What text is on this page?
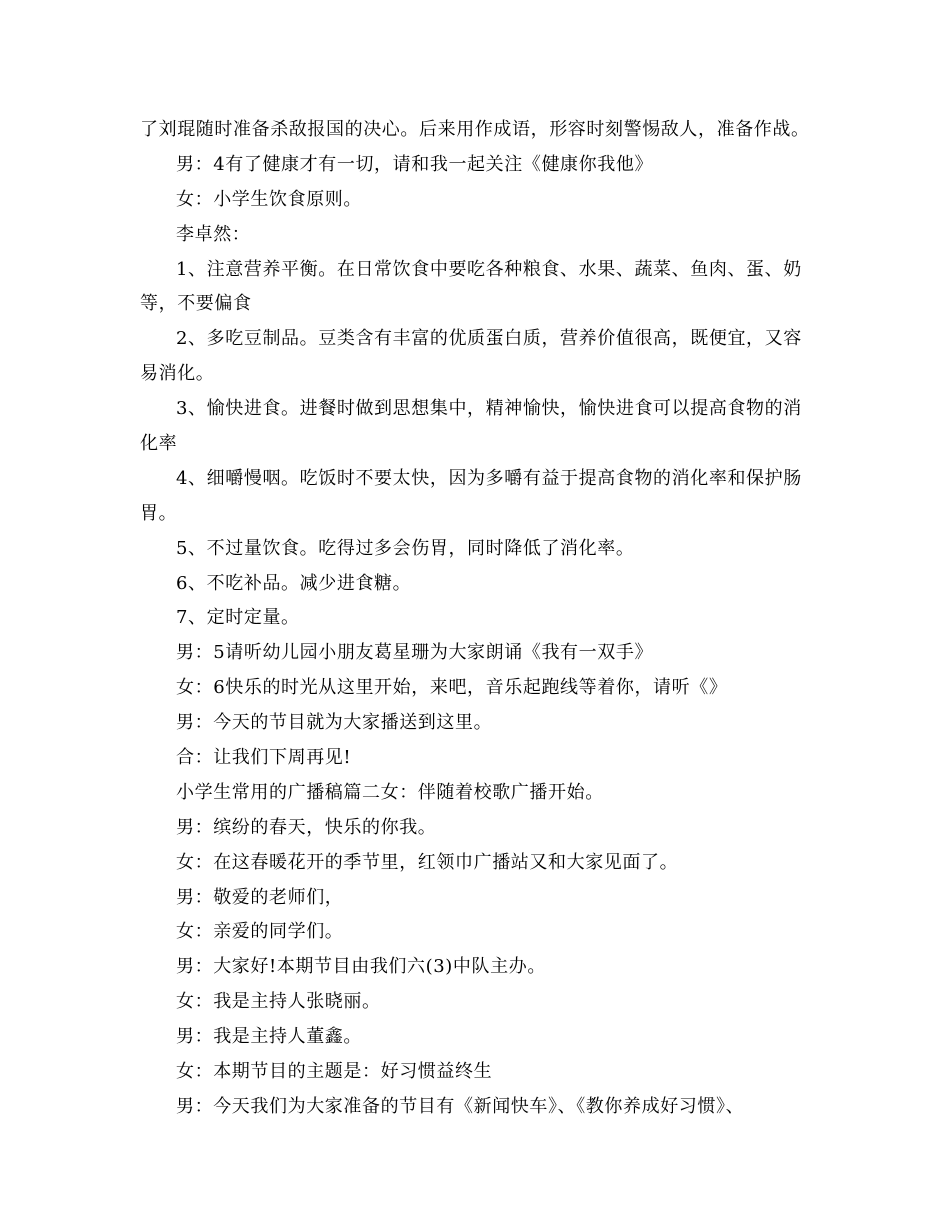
了刘琨随时准备杀敌报国的决心。后来用作成语，形容时刻警惕敌人，准备作战。
男：4有了健康才有一切，请和我一起关注《健康你我他》
女：小学生饮食原则。
李卓然：
1、注意营养平衡。在日常饮食中要吃各种粮食、水果、蔬菜、鱼肉、蛋、奶
等，不要偏食
2、多吃豆制品。豆类含有丰富的优质蛋白质，营养价值很高，既便宜，又容
易消化。
3、愉快进食。进餐时做到思想集中，精神愉快，愉快进食可以提高食物的消
化率
4、细嚼慢咽。吃饭时不要太快，因为多嚼有益于提高食物的消化率和保护肠
胃。
5、不过量饮食。吃得过多会伤胃，同时降低了消化率。
6、不吃补品。减少进食糖。
7、定时定量。
男：5请听幼儿园小朋友葛星珊为大家朗诵《我有一双手》
女：6快乐的时光从这里开始，来吧，音乐起跑线等着你，请听《》
男：今天的节目就为大家播送到这里。
合：让我们下周再见!
小学生常用的广播稿篇二女：伴随着校歌广播开始。
男：缤纷的春天，快乐的你我。
女：在这春暖花开的季节里，红领巾广播站又和大家见面了。
男：敬爱的老师们，
女：亲爱的同学们。
男：大家好!本期节目由我们六(3)中队主办。
女：我是主持人张晓丽。
男：我是主持人董鑫。
女：本期节目的主题是：好习惯益终生
男：今天我们为大家准备的节目有《新闻快车》、《教你养成好习惯》、
